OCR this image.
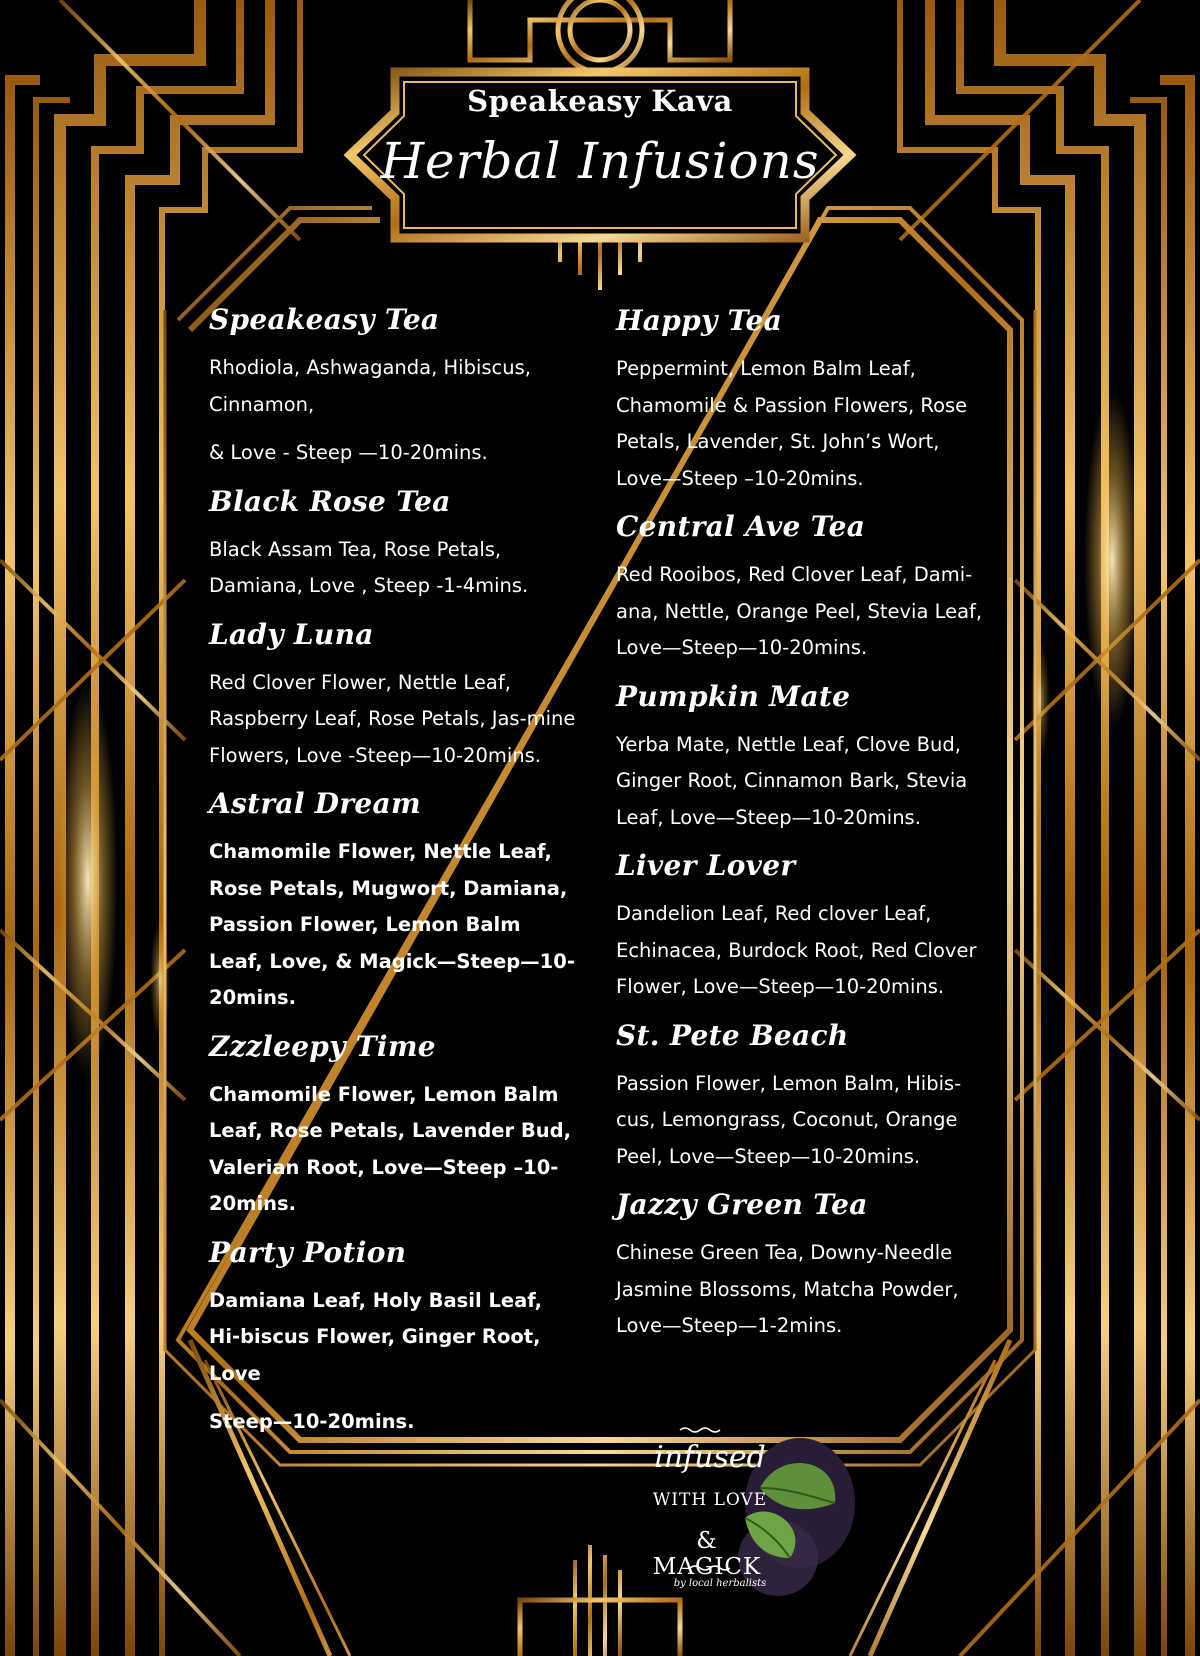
Speakeasy Kava
Herbal Infusions
Speakeasy Tea
Rhodiola, Ashwaganda, Hibiscus, Cinnamon,
& Love - Steep —10-20mins.
Black Rose Tea
Black Assam Tea, Rose Petals, Damiana, Love , Steep -1-4mins.
Lady Luna
Red Clover Flower, Nettle Leaf, Raspberry Leaf, Rose Petals, Jas-mine Flowers, Love -Steep—10-20mins.
Astral Dream
Chamomile Flower, Nettle Leaf, Rose Petals, Mugwort, Damiana, Passion Flower, Lemon Balm Leaf, Love, & Magick—Steep—10-20mins.
Zzzleepy Time
Chamomile Flower, Lemon Balm Leaf, Rose Petals, Lavender Bud, Valerian Root, Love—Steep –10-20mins.
Party Potion
Damiana Leaf, Holy Basil Leaf, Hi-biscus Flower, Ginger Root, Love
Steep—10-20mins.
Happy Tea
Peppermint, Lemon Balm Leaf, Chamomile & Passion Flowers, Rose Petals, Lavender, St. John’s Wort, Love—Steep –10-20mins.
Central Ave Tea
Red Rooibos, Red Clover Leaf, Dami-ana, Nettle, Orange Peel, Stevia Leaf, Love—Steep—10-20mins.
Pumpkin Mate
Yerba Mate, Nettle Leaf, Clove Bud, Ginger Root, Cinnamon Bark, Stevia Leaf, Love—Steep—10-20mins.
Liver Lover
Dandelion Leaf, Red clover Leaf, Echinacea, Burdock Root, Red Clover Flower, Love—Steep—10-20mins.
St. Pete Beach
Passion Flower, Lemon Balm, Hibis-cus, Lemongrass, Coconut, Orange Peel, Love—Steep—10-20mins.
Jazzy Green Tea
Chinese Green Tea, Downy-Needle Jasmine Blossoms, Matcha Powder, Love—Steep—1-2mins.
infused
WITH LOVE
& MAGICK
by local herbalists
